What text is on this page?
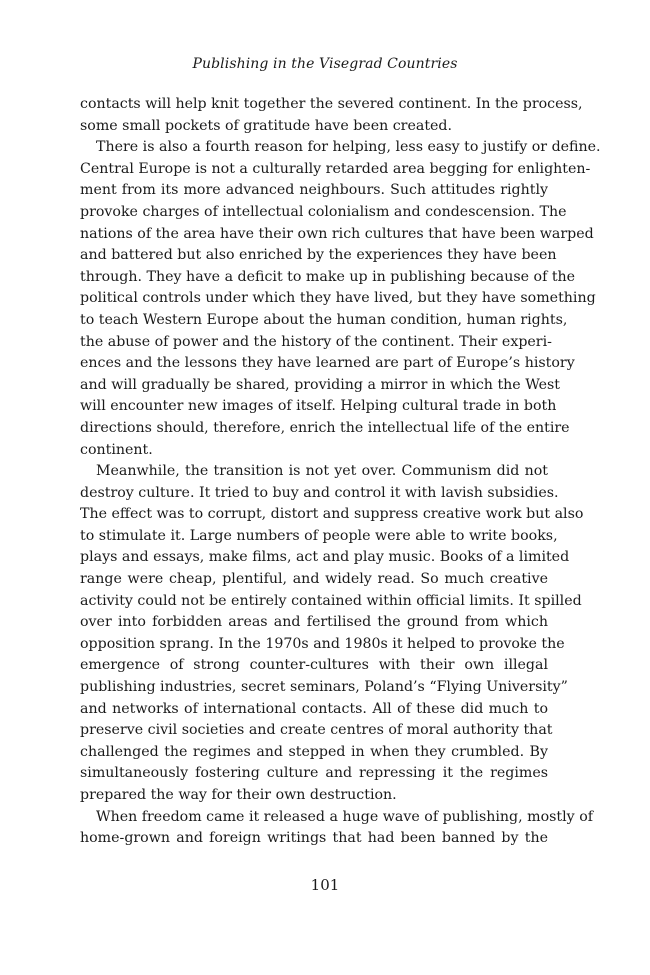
Publishing in the Visegrad Countries

contacts will help knit together the severed continent. In the process,
some small pockets of gratitude have been created.

There is also a fourth reason for helping, less easy to justify or define.
Central Europe is not a culturally retarded area begging for enlighten-
ment from its more advanced neighbours. Such attitudes rightly
provoke charges of intellectual colonialism and condescension. The
nations of the area have their own rich cultures that have been warped
and battered but also enriched by the experiences they have been
through. They have a deficit to make up in publishing because of the
political controls under which they have lived, but they have something
to teach Western Europe about the human condition, human rights,
the abuse of power and the history of the continent. Their experi-
ences and the lessons they have learned are part of Europe’s history
and will gradually be shared, providing a mirror in which the West
will encounter new images of itself. Helping cultural trade in both
directions should, therefore, enrich the intellectual life of the entire
continent.

Meanwhile, the transition is not yet over. Communism did not
destroy culture. It tried to buy and control it with lavish subsidies.
The effect was to corrupt, distort and suppress creative work but also
to stimulate it. Large numbers of people were able to write books,
plays and essays, make films, act and play music. Books of a limited
range were cheap, plentiful, and widely read. So much creative
activity could not be entirely contained within official limits. It spilled
over into forbidden areas and fertilised the ground from which
opposition sprang. In the 1970s and 1980s it helped to provoke the
emergence of strong counter-cultures with their own illegal
publishing industries, secret seminars, Poland’s “Flying University”
and networks of international contacts. All of these did much to
preserve civil societies and create centres of moral authority that
challenged the regimes and stepped in when they crumbled. By
simultaneously fostering culture and repressing it the regimes
prepared the way for their own destruction.

When freedom came it released a huge wave of publishing, mostly of
home-grown and foreign writings that had been banned by the

101
